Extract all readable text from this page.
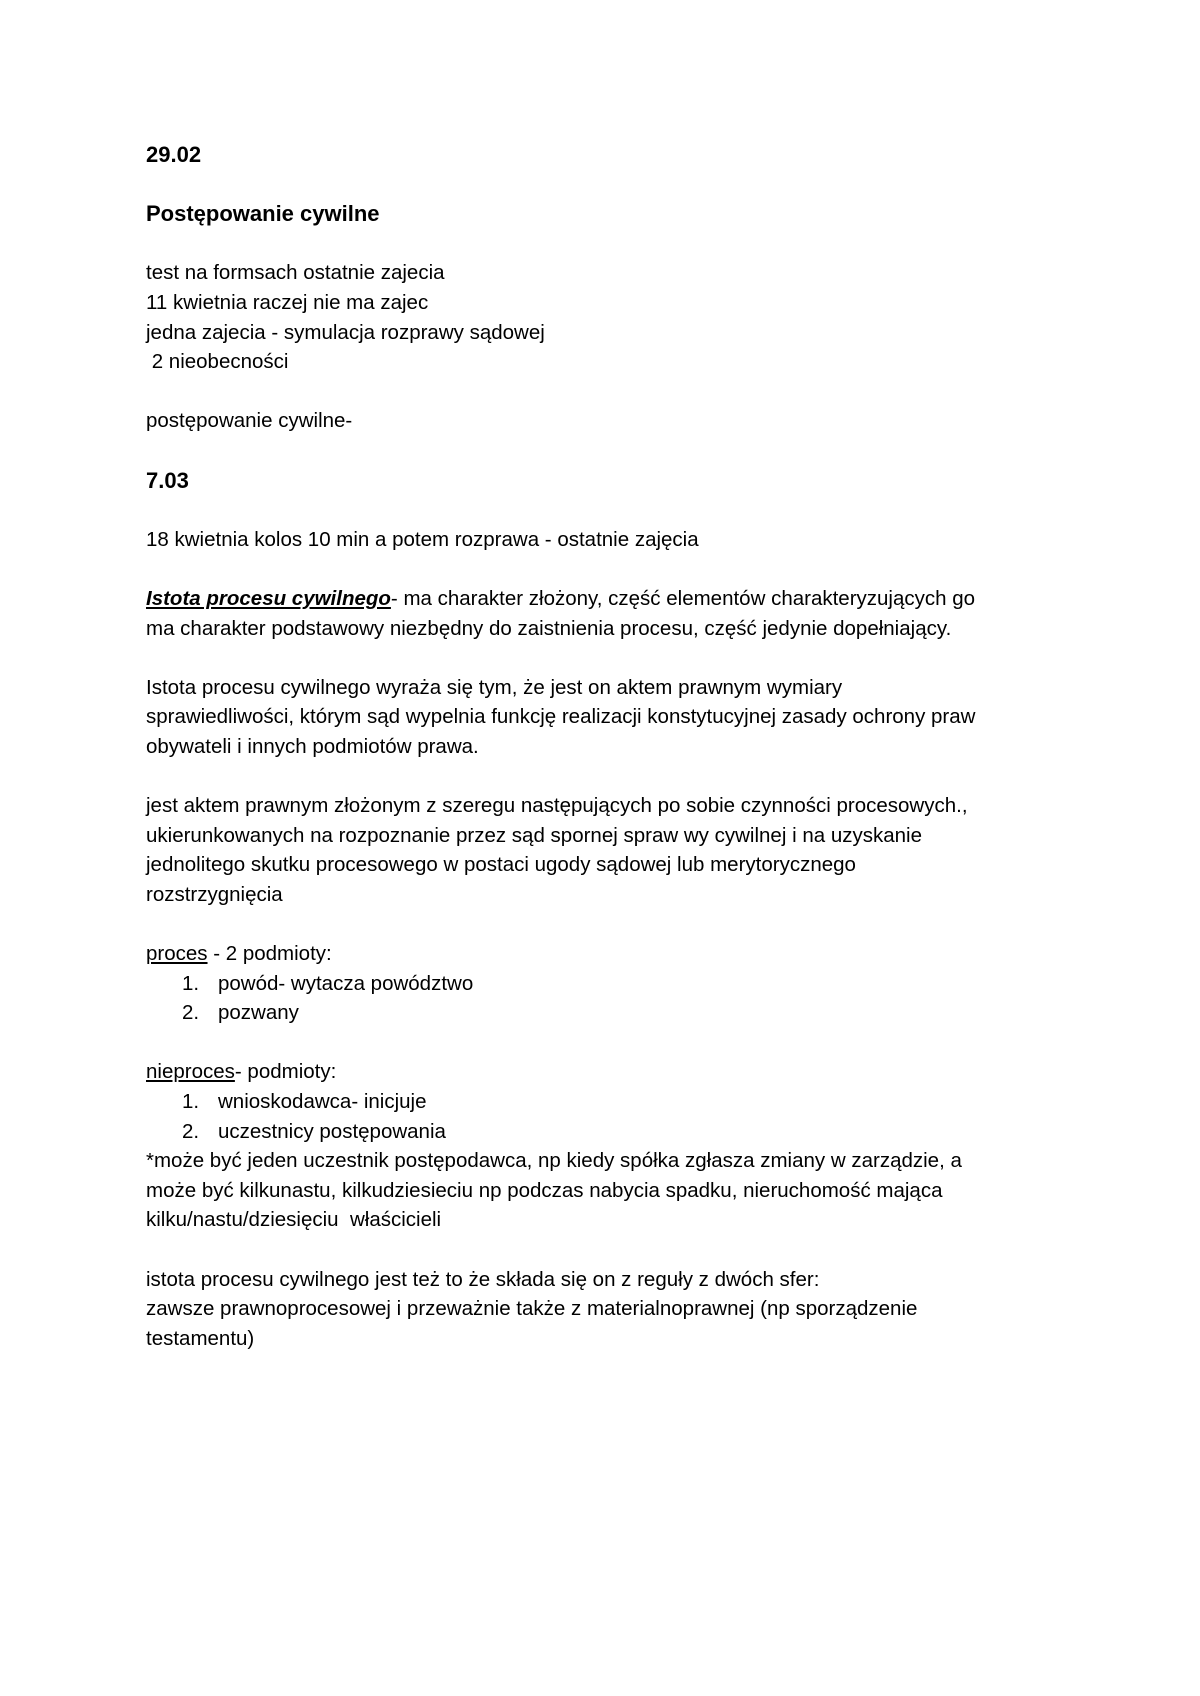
29.02

Postępowanie cywilne

test na formsach ostatnie zajecia

11 kwietnia raczej nie ma zajec

jedna zajecia - symulacja rozprawy sądowej

2 nieobecności

postępowanie cywilne-

7.03

18 kwietnia kolos 10 min a potem rozprawa - ostatnie zajęcia

Istota procesu cywilnego- ma charakter złożony, część elementów charakteryzujących go

ma charakter podstawowy niezbędny do zaistnienia procesu, część jedynie dopełniający.

Istota procesu cywilnego wyraża się tym, że jest on aktem prawnym wymiary

sprawiedliwości, którym sąd wypelnia funkcję realizacji konstytucyjnej zasady ochrony praw

obywateli i innych podmiotów prawa.

jest aktem prawnym złożonym z szeregu następujących po sobie czynności procesowych.,

ukierunkowanych na rozpoznanie przez sąd spornej spraw wy cywilnej i na uzyskanie

jednolitego skutku procesowego w postaci ugody sądowej lub merytorycznego

rozstrzygnięcia

proces - 2 podmioty:

1. powód- wytacza powództwo
2. pozwany

nieproces- podmioty:

1. wnioskodawca- inicjuje
2. uczestnicy postępowania

*może być jeden uczestnik postępodawca, np kiedy spółka zgłasza zmiany w zarządzie, a

może być kilkunastu, kilkudziesieciu np podczas nabycia spadku, nieruchomość mająca

kilku/nastu/dziesięciu  właścicieli

istota procesu cywilnego jest też to że składa się on z reguły z dwóch sfer:

zawsze prawnoprocesowej i przeważnie także z materialnoprawnej (np sporządzenie

testamentu)
